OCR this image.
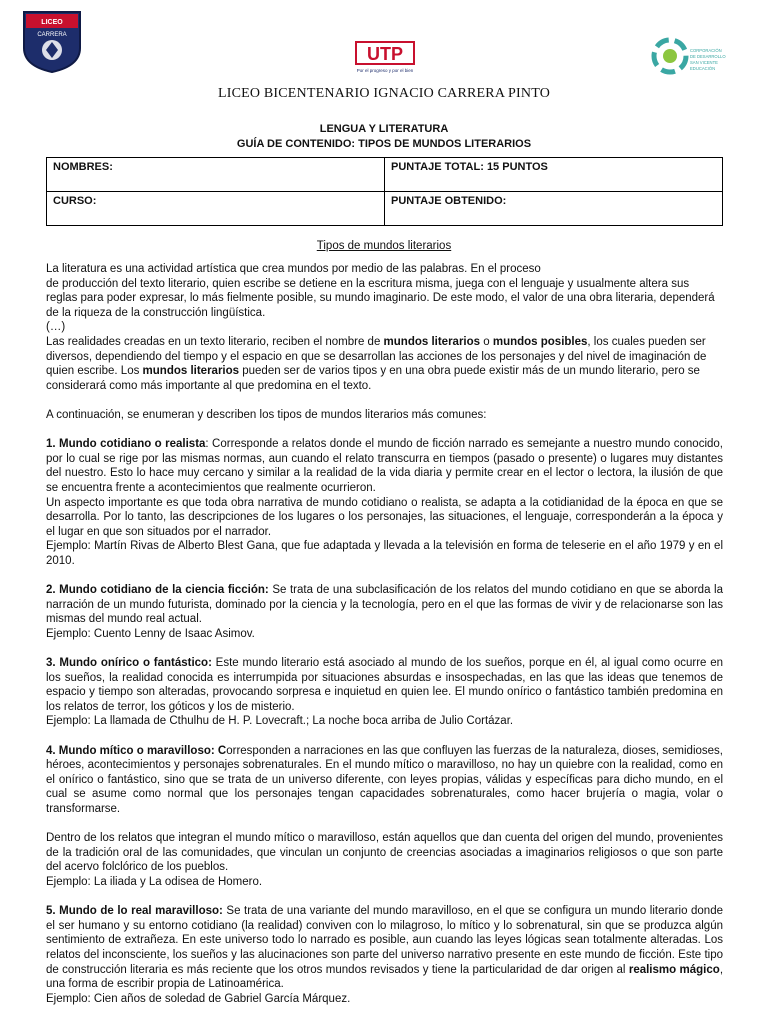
LICEO
CARRERA
UTP
Por el progreso y por el bien
CORPORACIÓN
DE DESARROLLO
SAN VICENTE
EDUCACIÓN
LICEO BICENTENARIO IGNACIO CARRERA PINTO
LENGUA Y LITERATURA
GUÍA DE CONTENIDO: TIPOS DE MUNDOS LITERARIOS
NOMBRES:	PUNTAJE TOTAL: 15 PUNTOS
CURSO:	PUNTAJE OBTENIDO:
Tipos de mundos literarios

La literatura es una actividad artística que crea mundos por medio de las palabras. En el proceso

de producción del texto literario, quien escribe se detiene en la escritura misma, juega con el lenguaje y usualmente altera sus reglas para poder expresar, lo más fielmente posible, su mundo imaginario. De este modo, el valor de una obra literaria, dependerá de la riqueza de la construcción lingüística.

(…)

Las realidades creadas en un texto literario, reciben el nombre de mundos literarios o mundos posibles, los cuales pueden ser diversos, dependiendo del tiempo y el espacio en que se desarrollan las acciones de los personajes y del nivel de imaginación de quien escribe. Los mundos literarios pueden ser de varios tipos y en una obra puede existir más de un mundo literario, pero se considerará como más importante al que predomina en el texto.

A continuación, se enumeran y describen los tipos de mundos literarios más comunes:

1. Mundo cotidiano o realista: Corresponde a relatos donde el mundo de ficción narrado es semejante a nuestro mundo conocido, por lo cual se rige por las mismas normas, aun cuando el relato transcurra en tiempos (pasado o presente) o lugares muy distantes del nuestro. Esto lo hace muy cercano y similar a la realidad de la vida diaria y permite crear en el lector o lectora, la ilusión de que se encuentra frente a acontecimientos que realmente ocurrieron.

Un aspecto importante es que toda obra narrativa de mundo cotidiano o realista, se adapta a la cotidianidad de la época en que se desarrolla. Por lo tanto, las descripciones de los lugares o los personajes, las situaciones, el lenguaje, corresponderán a la época y el lugar en que son situados por el narrador.

Ejemplo: Martín Rivas de Alberto Blest Gana, que fue adaptada y llevada a la televisión en forma de teleserie en el año 1979 y en el 2010.

2. Mundo cotidiano de la ciencia ficción: Se trata de una subclasificación de los relatos del mundo cotidiano en que se aborda la narración de un mundo futurista, dominado por la ciencia y la tecnología, pero en el que las formas de vivir y de relacionarse son las mismas del mundo real actual.

Ejemplo: Cuento Lenny de Isaac Asimov.

3. Mundo onírico o fantástico: Este mundo literario está asociado al mundo de los sueños, porque en él, al igual como ocurre en los sueños, la realidad conocida es interrumpida por situaciones absurdas e insospechadas, en las que las ideas que tenemos de espacio y tiempo son alteradas, provocando sorpresa e inquietud en quien lee. El mundo onírico o fantástico también predomina en los relatos de terror, los góticos y los de misterio.

Ejemplo: La llamada de Cthulhu de H. P. Lovecraft.; La noche boca arriba de Julio Cortázar.

4. Mundo mítico o maravilloso: Corresponden a narraciones en las que confluyen las fuerzas de la naturaleza, dioses, semidioses, héroes, acontecimientos y personajes sobrenaturales. En el mundo mítico o maravilloso, no hay un quiebre con la realidad, como en el onírico o fantástico, sino que se trata de un universo diferente, con leyes propias, válidas y específicas para dicho mundo, en el cual se asume como normal que los personajes tengan capacidades sobrenaturales, como hacer brujería o magia, volar o transformarse.

Dentro de los relatos que integran el mundo mítico o maravilloso, están aquellos que dan cuenta del origen del mundo, provenientes de la tradición oral de las comunidades, que vinculan un conjunto de creencias asociadas a imaginarios religiosos o que son parte del acervo folclórico de los pueblos.

Ejemplo: La iliada y La odisea de Homero.

5. Mundo de lo real maravilloso: Se trata de una variante del mundo maravilloso, en el que se configura un mundo literario donde el ser humano y su entorno cotidiano (la realidad) conviven con lo milagroso, lo mítico y lo sobrenatural, sin que se produzca algún sentimiento de extrañeza. En este universo todo lo narrado es posible, aun cuando las leyes lógicas sean totalmente alteradas. Los relatos del inconsciente, los sueños y las alucinaciones son parte del universo narrativo presente en este mundo de ficción. Este tipo de construcción literaria es más reciente que los otros mundos revisados y tiene la particularidad de dar origen al realismo mágico, una forma de escribir propia de Latinoamérica.

Ejemplo: Cien años de soledad de Gabriel García Márquez.
